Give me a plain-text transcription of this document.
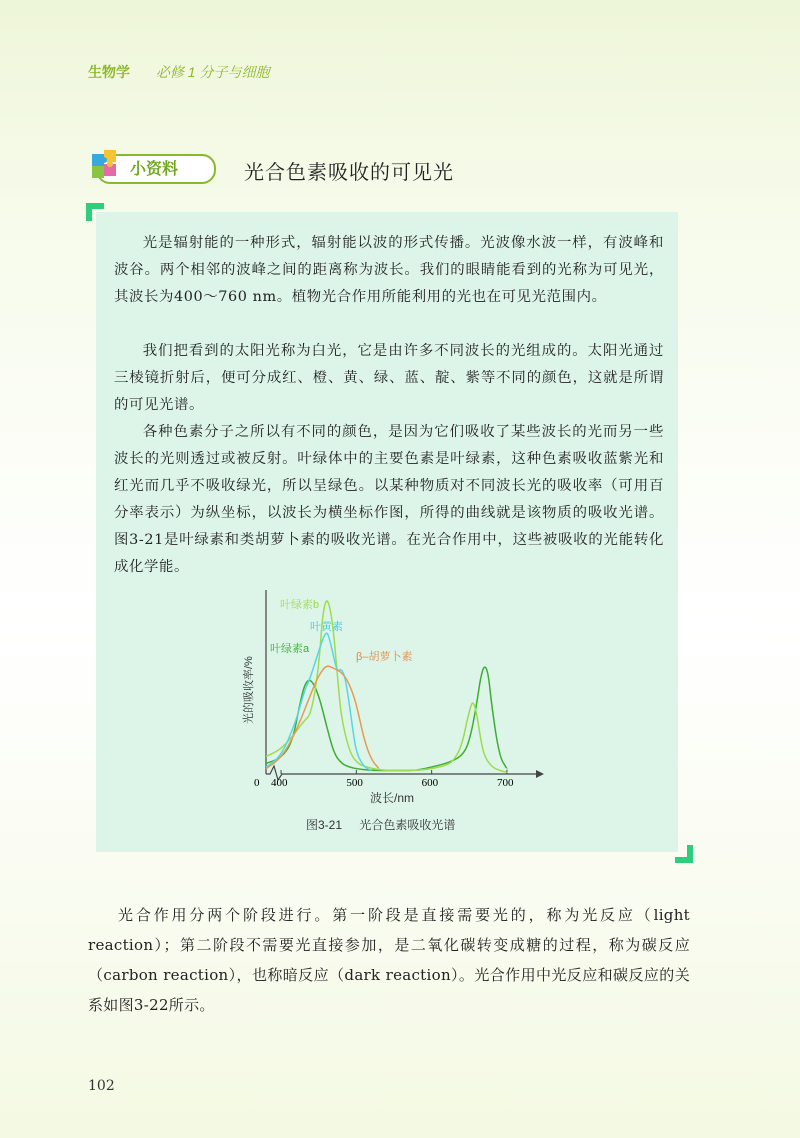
生物学 必修 1 分子与细胞
小资料	光合色素吸收的可见光

光是辐射能的一种形式，辐射能以波的形式传播。光波像水波一样，有波峰和波谷。两个相邻的波峰之间的距离称为波长。我们的眼睛能看到的光称为可见光，其波长为400～760 nm。植物光合作用所能利用的光也在可见光范围内。

我们把看到的太阳光称为白光，它是由许多不同波长的光组成的。太阳光通过三棱镜折射后，便可分成红、橙、黄、绿、蓝、靛、紫等不同的颜色，这就是所谓的可见光谱。

各种色素分子之所以有不同的颜色，是因为它们吸收了某些波长的光而另一些波长的光则透过或被反射。叶绿体中的主要色素是叶绿素，这种色素吸收蓝紫光和红光而几乎不吸收绿光，所以呈绿色。以某种物质对不同波长光的吸收率（可用百分率表示）为纵坐标，以波长为横坐标作图，所得的曲线就是该物质的吸收光谱。图3-21是叶绿素和类胡萝卜素的吸收光谱。在光合作用中，这些被吸收的光能转化成化学能。

0
波长/nm
光的吸收率/%
400	500	600	700
叶绿素b
叶黄素
叶绿素a
β–胡萝卜素
图3-21 光合色素吸收光谱

光合作用分两个阶段进行。第一阶段是直接需要光的，称为光反应（light reaction）；第二阶段不需要光直接参加，是二氧化碳转变成糖的过程，称为碳反应（carbon reaction），也称暗反应（dark reaction）。光合作用中光反应和碳反应的关系如图3-22所示。

102
